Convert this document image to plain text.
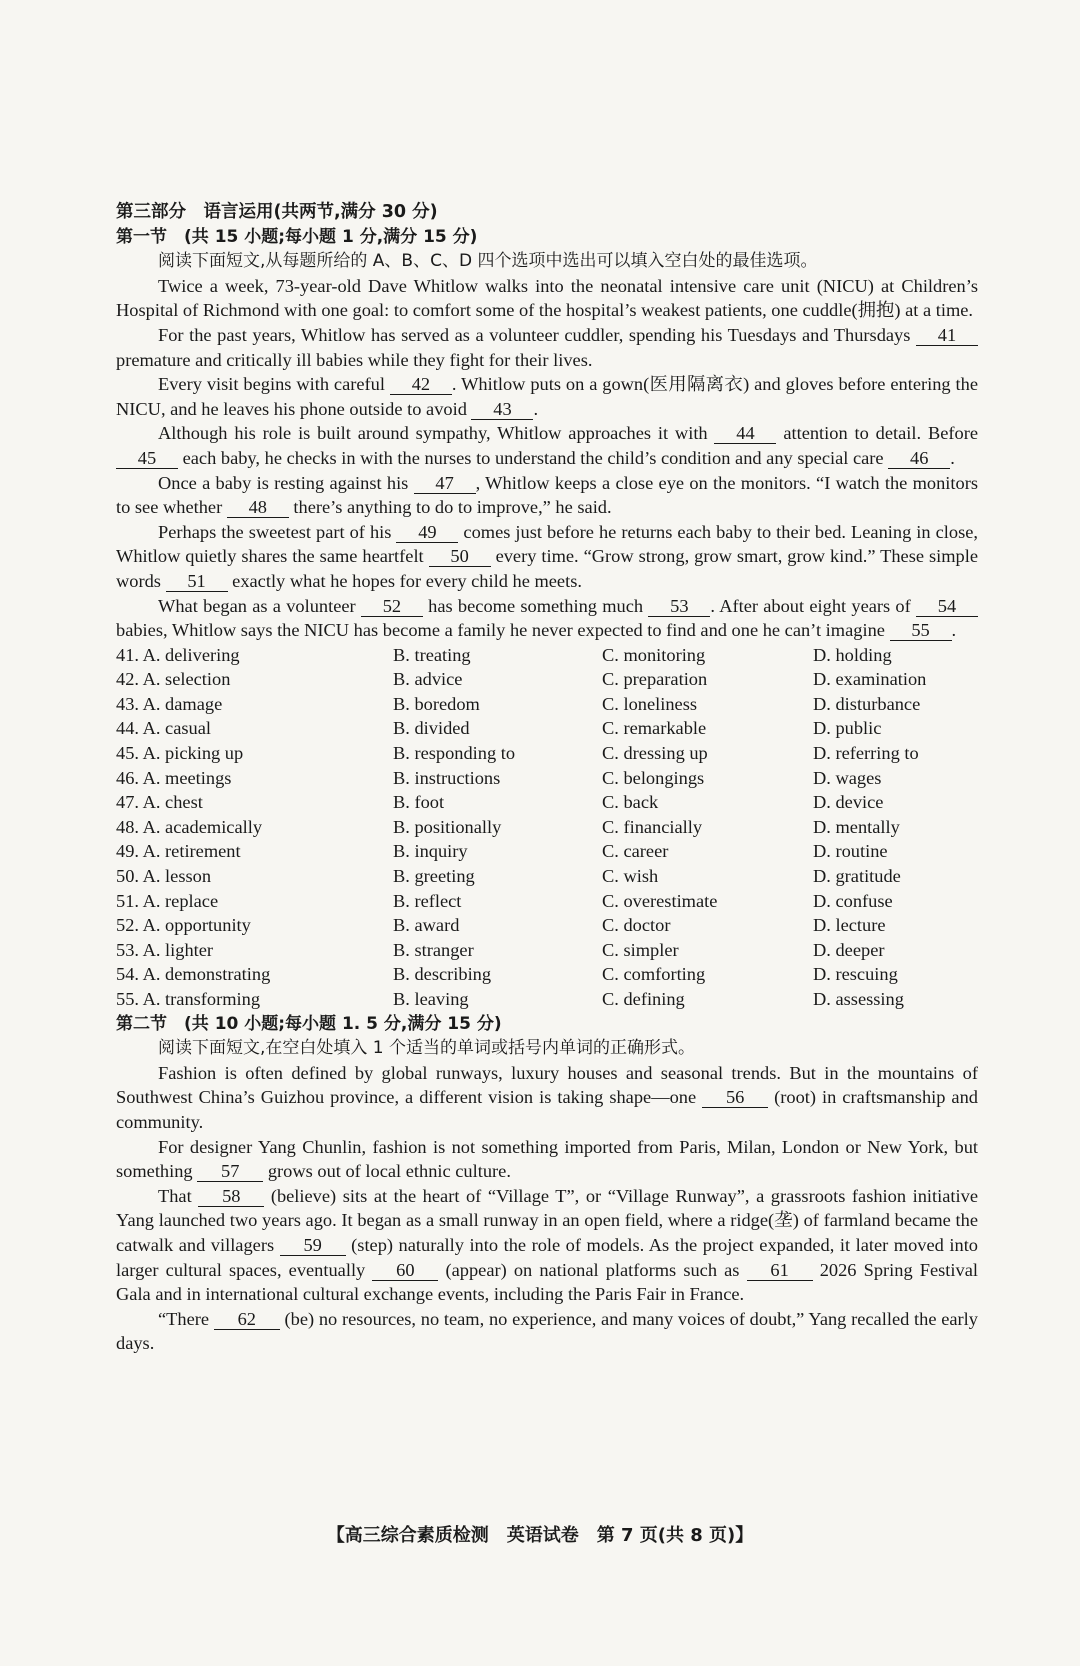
第三部分　语言运用(共两节,满分 30 分)

第一节　(共 15 小题;每小题 1 分,满分 15 分)

阅读下面短文,从每题所给的 A、B、C、D 四个选项中选出可以填入空白处的最佳选项。

Twice a week, 73-year-old Dave Whitlow walks into the neonatal intensive care unit (NICU) at Children’s Hospital of Richmond with one goal: to comfort some of the hospital’s weakest patients, one cuddle(拥抱) at a time.

For the past years, Whitlow has served as a volunteer cuddler, spending his Tuesdays and Thursdays 41 premature and critically ill babies while they fight for their lives.

Every visit begins with careful 42 . Whitlow puts on a gown(医用隔离衣) and gloves before entering the NICU, and he leaves his phone outside to avoid 43 .

Although his role is built around sympathy, Whitlow approaches it with 44 attention to detail. Before 45 each baby, he checks in with the nurses to understand the child’s condition and any special care 46 .

Once a baby is resting against his 47 , Whitlow keeps a close eye on the monitors. “I watch the monitors to see whether 48 there’s anything to do to improve,” he said.

Perhaps the sweetest part of his 49 comes just before he returns each baby to their bed. Leaning in close, Whitlow quietly shares the same heartfelt 50 every time. “Grow strong, grow smart, grow kind.” These simple words 51 exactly what he hopes for every child he meets.

What began as a volunteer 52 has become something much 53 . After about eight years of 54 babies, Whitlow says the NICU has become a family he never expected to find and one he can’t imagine 55 .

41. A. delivering	B. treating	C. monitoring	D. holding
42. A. selection	B. advice	C. preparation	D. examination
43. A. damage	B. boredom	C. loneliness	D. disturbance
44. A. casual	B. divided	C. remarkable	D. public
45. A. picking up	B. responding to	C. dressing up	D. referring to
46. A. meetings	B. instructions	C. belongings	D. wages
47. A. chest	B. foot	C. back	D. device
48. A. academically	B. positionally	C. financially	D. mentally
49. A. retirement	B. inquiry	C. career	D. routine
50. A. lesson	B. greeting	C. wish	D. gratitude
51. A. replace	B. reflect	C. overestimate	D. confuse
52. A. opportunity	B. award	C. doctor	D. lecture
53. A. lighter	B. stranger	C. simpler	D. deeper
54. A. demonstrating	B. describing	C. comforting	D. rescuing
55. A. transforming	B. leaving	C. defining	D. assessing

第二节　(共 10 小题;每小题 1. 5 分,满分 15 分)

阅读下面短文,在空白处填入 1 个适当的单词或括号内单词的正确形式。

Fashion is often defined by global runways, luxury houses and seasonal trends. But in the mountains of Southwest China’s Guizhou province, a different vision is taking shape—one 56 (root) in craftsmanship and community.

For designer Yang Chunlin, fashion is not something imported from Paris, Milan, London or New York, but something 57 grows out of local ethnic culture.

That 58 (believe) sits at the heart of “Village T”, or “Village Runway”, a grassroots fashion initiative Yang launched two years ago. It began as a small runway in an open field, where a ridge(垄) of farmland became the catwalk and villagers 59 (step) naturally into the role of models. As the project expanded, it later moved into larger cultural spaces, eventually 60 (appear) on national platforms such as 61 2026 Spring Festival Gala and in international cultural exchange events, including the Paris Fair in France.

“There 62 (be) no resources, no team, no experience, and many voices of doubt,” Yang recalled the early days.

【高三综合素质检测　英语试卷　第 7 页(共 8 页)】
